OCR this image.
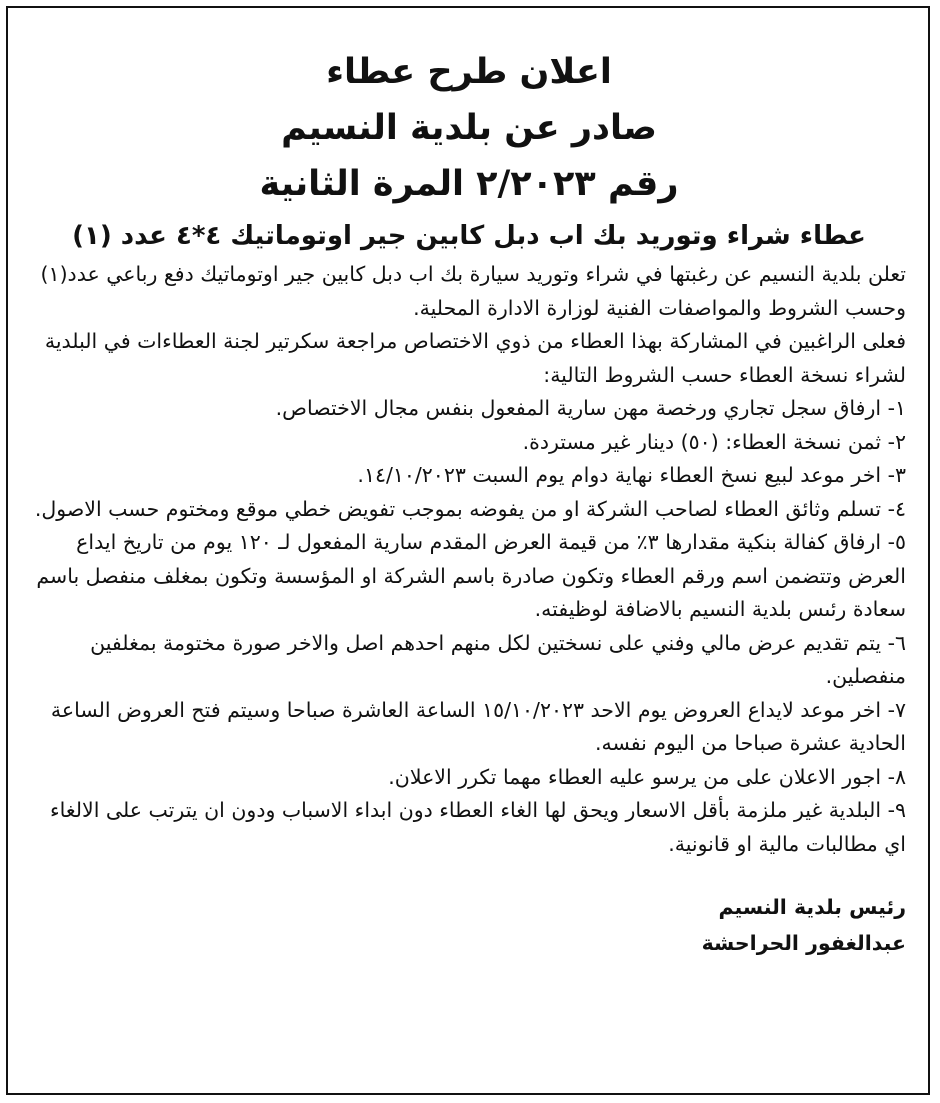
اعلان طرح عطاء
صادر عن بلدية النسيم
رقم ٢/٢٠٢٣ المرة الثانية
عطاء شراء وتوريد بك اب دبل كابين جير اوتوماتيك ٤*٤ عدد (١)

تعلن بلدية النسيم عن رغبتها في شراء وتوريد سيارة بك اب دبل كابين جير اوتوماتيك دفع رباعي عدد(١) وحسب الشروط والمواصفات الفنية لوزارة الادارة المحلية.

فعلى الراغبين في المشاركة بهذا العطاء من ذوي الاختصاص مراجعة سكرتير لجنة العطاءات في البلدية لشراء نسخة العطاء حسب الشروط التالية:

١- ارفاق سجل تجاري ورخصة مهن سارية المفعول بنفس مجال الاختصاص.
٢- ثمن نسخة العطاء: (٥٠) دينار غير مستردة.
٣- اخر موعد لبيع نسخ العطاء نهاية دوام يوم السبت ١٤/١٠/٢٠٢٣.
٤- تسلم وثائق العطاء لصاحب الشركة او من يفوضه بموجب تفويض خطي موقع ومختوم حسب الاصول.
٥- ارفاق كفالة بنكية مقدارها ٣٪ من قيمة العرض المقدم سارية المفعول لـ ١٢٠ يوم من تاريخ ايداع العرض وتتضمن اسم ورقم العطاء وتكون صادرة باسم الشركة او المؤسسة وتكون بمغلف منفصل باسم سعادة رئىس بلدية النسيم بالاضافة لوظيفته.
٦- يتم تقديم عرض مالي وفني على نسختين لكل منهم احدهم اصل والاخر صورة مختومة بمغلفين منفصلين.
٧- اخر موعد لايداع العروض يوم الاحد ١٥/١٠/٢٠٢٣ الساعة العاشرة صباحا وسيتم فتح العروض الساعة الحادية عشرة صباحا من اليوم نفسه.
٨- اجور الاعلان على من يرسو عليه العطاء مهما تكرر الاعلان.
٩- البلدية غير ملزمة بأقل الاسعار ويحق لها الغاء العطاء دون ابداء الاسباب ودون ان يترتب على الالغاء اي مطالبات مالية او قانونية.
رئيس بلدية النسيم
عبدالغفور الحراحشة
